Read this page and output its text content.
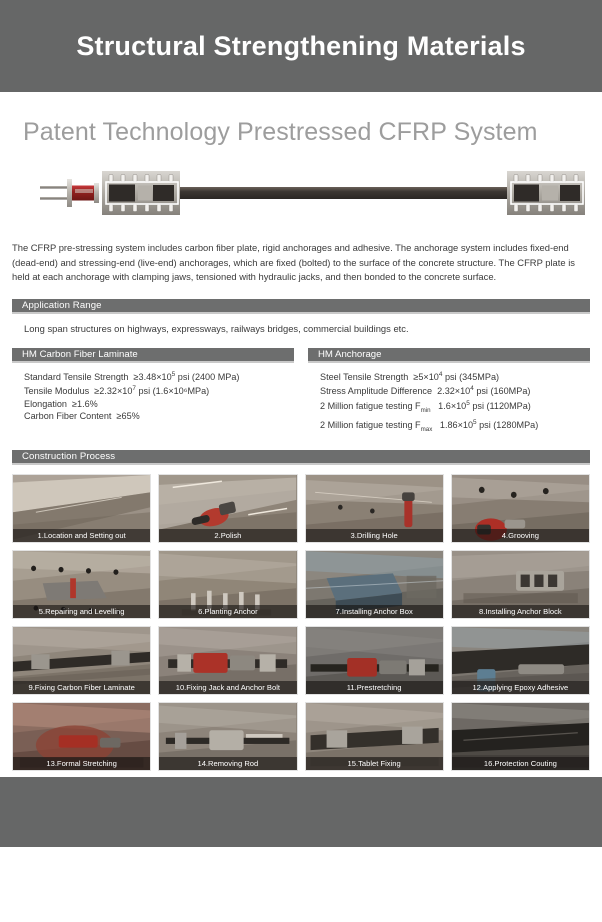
Structural Strengthening Materials
Patent Technology Prestressed CFRP System

The CFRP pre-stressing system includes carbon fiber plate, rigid anchorages and adhesive. The anchorage system includes fixed-end (dead-end) and stressing-end (live-end) anchorages, which are fixed (bolted) to the surface of the concrete structure. The CFRP plate is held at each anchorage with clamping jaws, tensioned with hydraulic jacks, and then bonded to the concrete surface.

Application Range
Long span structures on highways, expressways, railways bridges, commercial buildings etc.
HM Carbon Fiber Laminate
Standard Tensile Strength $\ge 3.48\times 10^5$ psi (2400 MPa)
Tensile Modulus $\ge 2.32\times 10^7$ psi (1.6×10⁶MPa)
Elongation ≥1.6%
Carbon Fiber Content ≥65%
HM Anchorage
Steel Tensile Strength $\ge 5\times 10^4$ psi (345MPa)
Stress Amplitude Difference $2.32\times 10^4$ psi (160MPa)
2 Million fatigue testing $F_{min}$ $1.6\times 10^5$ psi (1120MPa)
2 Million fatigue testing $F_{max}$ $1.86\times 10^5$ psi (1280MPa)
Construction Process
1.Location and Setting out	2.Polish	3.Drilling Hole	4.Grooving
5.Repairing and Levelling	6.Planting Anchor	7.Installing Anchor Box	8.Installing Anchor Block
9.Fixing Carbon Fiber Laminate	10.Fixing Jack and Anchor Bolt	11.Prestretching	12.Applying Epoxy Adhesive
13.Formal Stretching	14.Removing Rod	15.Tablet Fixing	16.Protection Couting
